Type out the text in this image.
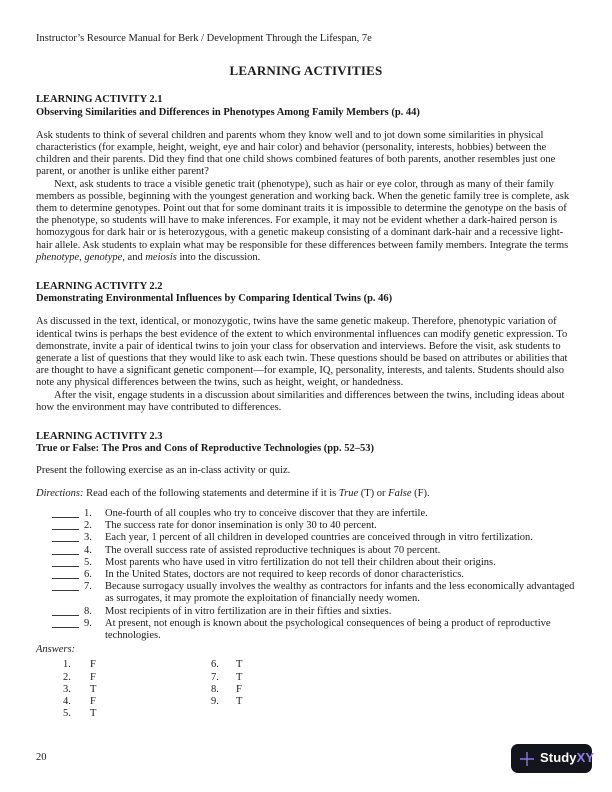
Instructor’s Resource Manual for Berk / Development Through the Lifespan, 7e
LEARNING ACTIVITIES
LEARNING ACTIVITY 2.1
Observing Similarities and Differences in Phenotypes Among Family Members (p. 44)

Ask students to think of several children and parents whom they know well and to jot down some similarities in physical characteristics (for example, height, weight, eye and hair color) and behavior (personality, interests, hobbies) between the children and their parents. Did they find that one child shows combined features of both parents, another resembles just one parent, or another is unlike either parent?

Next, ask students to trace a visible genetic trait (phenotype), such as hair or eye color, through as many of their family members as possible, beginning with the youngest generation and working back. When the genetic family tree is complete, ask them to determine genotypes. Point out that for some dominant traits it is impossible to determine the genotype on the basis of the phenotype, so students will have to make inferences. For example, it may not be evident whether a dark-haired person is homozygous for dark hair or is heterozygous, with a genetic makeup consisting of a dominant dark-hair and a recessive light-hair allele. Ask students to explain what may be responsible for these differences between family members. Integrate the terms phenotype, genotype, and meiosis into the discussion.

LEARNING ACTIVITY 2.2
Demonstrating Environmental Influences by Comparing Identical Twins (p. 46)

As discussed in the text, identical, or monozygotic, twins have the same genetic makeup. Therefore, phenotypic variation of identical twins is perhaps the best evidence of the extent to which environmental influences can modify genetic expression. To demonstrate, invite a pair of identical twins to join your class for observation and interviews. Before the visit, ask students to generate a list of questions that they would like to ask each twin. These questions should be based on attributes or abilities that are thought to have a significant genetic component—for example, IQ, personality, interests, and talents. Students should also note any physical differences between the twins, such as height, weight, or handedness.

After the visit, engage students in a discussion about similarities and differences between the twins, including ideas about how the environment may have contributed to differences.

LEARNING ACTIVITY 2.3
True or False: The Pros and Cons of Reproductive Technologies (pp. 52–53)

Present the following exercise as an in-class activity or quiz.

Directions: Read each of the following statements and determine if it is True (T) or False (F).

1.	One-fourth of all couples who try to conceive discover that they are infertile.
2.	The success rate for donor insemination is only 30 to 40 percent.
3.	Each year, 1 percent of all children in developed countries are conceived through in vitro fertilization.
4.	The overall success rate of assisted reproductive techniques is about 70 percent.
5.	Most parents who have used in vitro fertilization do not tell their children about their origins.
6.	In the United States, doctors are not required to keep records of donor characteristics.
7.	Because surrogacy usually involves the wealthy as contractors for infants and the less economically advantaged as surrogates, it may promote the exploitation of financially needy women.
8.	Most recipients of in vitro fertilization are in their fifties and sixties.
9.	At present, not enough is known about the psychological consequences of being a product of reproductive technologies.
Answers:
1. F	6. T
2. F	7. T
3. T	8. F
4. F	9. T
5. T
20	StudyXY
